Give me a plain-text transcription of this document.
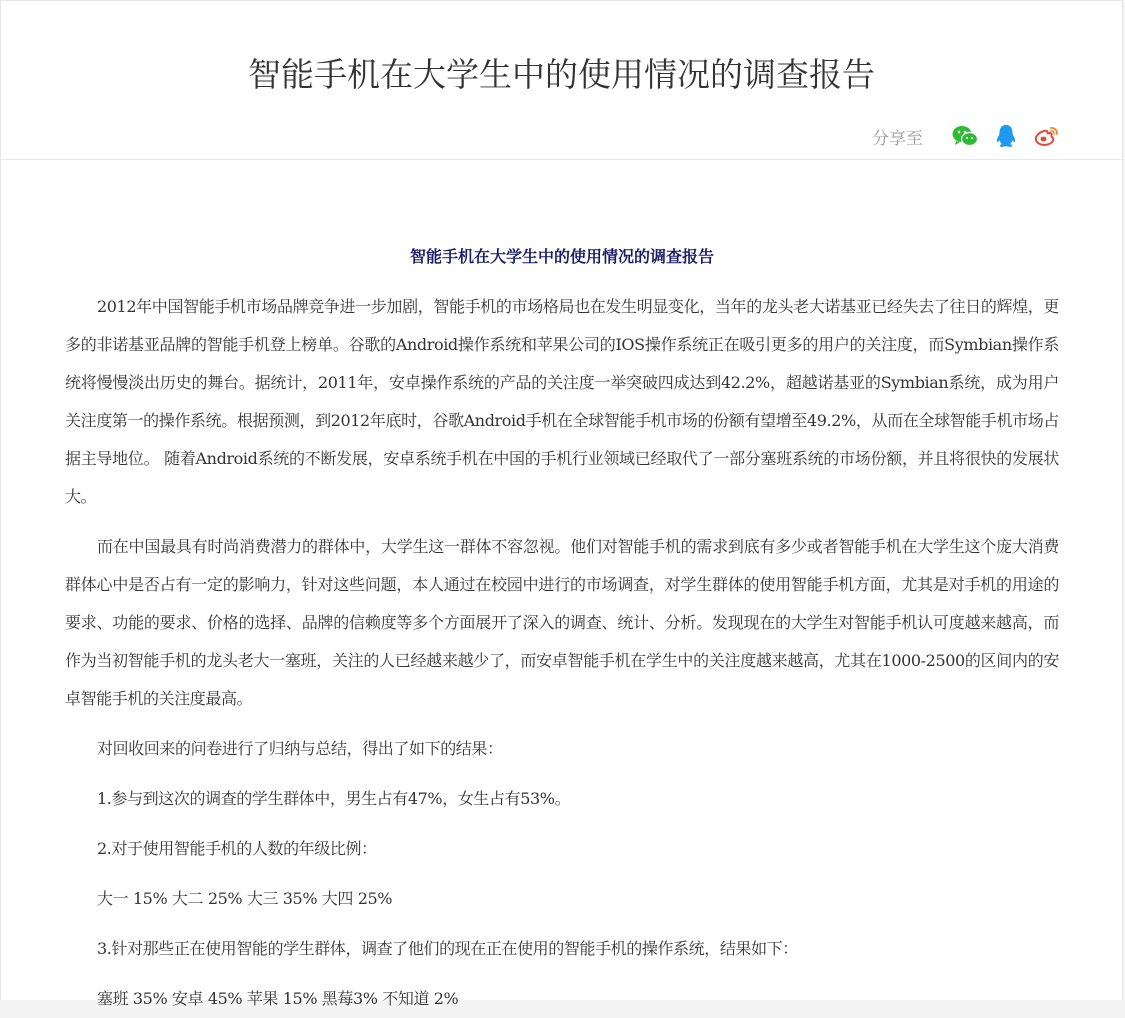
智能手机在大学生中的使用情况的调查报告
分享至
智能手机在大学生中的使用情况的调查报告

2012年中国智能手机市场品牌竞争进一步加剧，智能手机的市场格局也在发生明显变化，当年的龙头老大诺基亚已经失去了往日的辉煌，更多的非诺基亚品牌的智能手机登上榜单。谷歌的Android操作系统和苹果公司的IOS操作系统正在吸引更多的用户的关注度，而Symbian操作系统将慢慢淡出历史的舞台。据统计，2011年，安卓操作系统的产品的关注度一举突破四成达到42.2%，超越诺基亚的Symbian系统，成为用户关注度第一的操作系统。根据预测，到2012年底时，谷歌Android手机在全球智能手机市场的份额有望增至49.2%，从而在全球智能手机市场占据主导地位。 随着Android系统的不断发展，安卓系统手机在中国的手机行业领域已经取代了一部分塞班系统的市场份额，并且将很快的发展状大。

而在中国最具有时尚消费潜力的群体中，大学生这一群体不容忽视。他们对智能手机的需求到底有多少或者智能手机在大学生这个庞大消费群体心中是否占有一定的影响力，针对这些问题，本人通过在校园中进行的市场调查，对学生群体的使用智能手机方面，尤其是对手机的用途的要求、功能的要求、价格的选择、品牌的信赖度等多个方面展开了深入的调查、统计、分析。发现现在的大学生对智能手机认可度越来越高，而作为当初智能手机的龙头老大一塞班，关注的人已经越来越少了，而安卓智能手机在学生中的关注度越来越高，尤其在1000-2500的区间内的安卓智能手机的关注度最高。

对回收回来的问卷进行了归纳与总结，得出了如下的结果：

1.参与到这次的调查的学生群体中，男生占有47%，女生占有53%。

2.对于使用智能手机的人数的年级比例：

大一 15% 大二 25% 大三 35% 大四 25%

3.针对那些正在使用智能的学生群体，调查了他们的现在正在使用的智能手机的操作系统，结果如下：

塞班 35% 安卓 45% 苹果 15% 黑莓3% 不知道 2%
